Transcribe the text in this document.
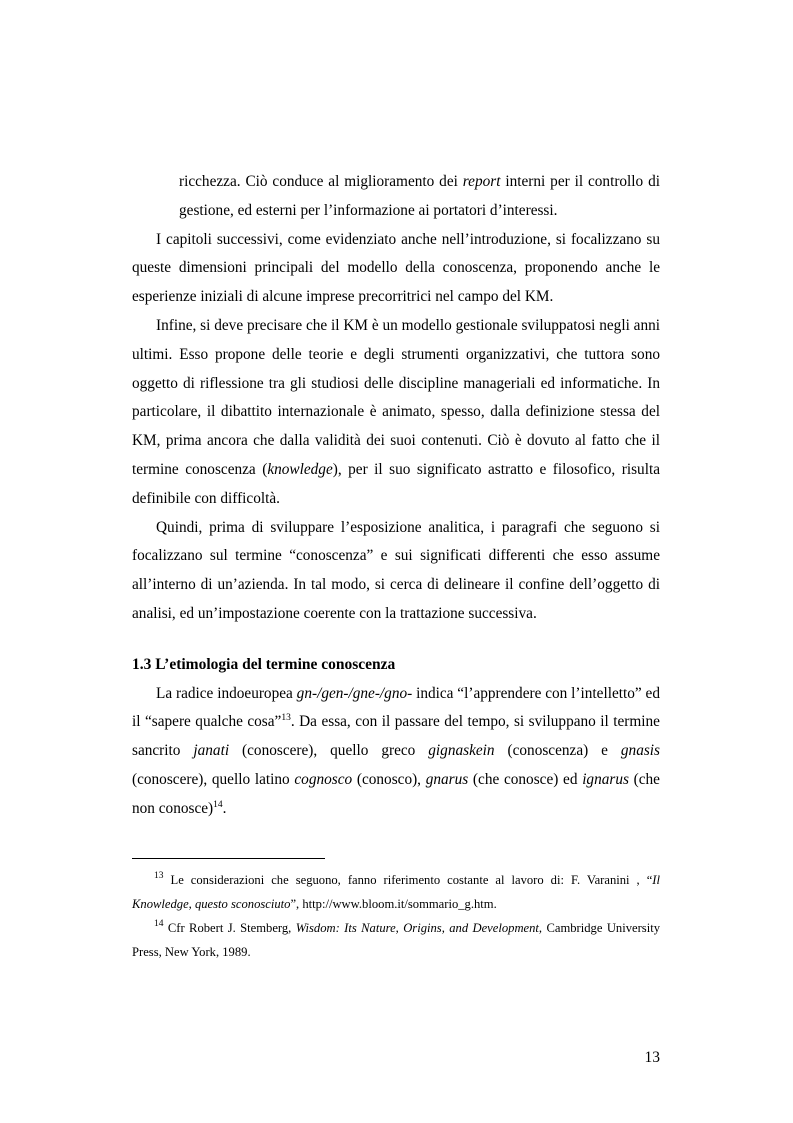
ricchezza. Ciò conduce al miglioramento dei report interni per il controllo di gestione, ed esterni per l’informazione ai portatori d’interessi.

I capitoli successivi, come evidenziato anche nell’introduzione, si focalizzano su queste dimensioni principali del modello della conoscenza, proponendo anche le esperienze iniziali di alcune imprese precorritrici nel campo del KM.

Infine, si deve precisare che il KM è un modello gestionale sviluppatosi negli anni ultimi. Esso propone delle teorie e degli strumenti organizzativi, che tuttora sono oggetto di riflessione tra gli studiosi delle discipline manageriali ed informatiche. In particolare, il dibattito internazionale è animato, spesso, dalla definizione stessa del KM, prima ancora che dalla validità dei suoi contenuti. Ciò è dovuto al fatto che il termine conoscenza (knowledge), per il suo significato astratto e filosofico, risulta definibile con difficoltà.

Quindi, prima di sviluppare l’esposizione analitica, i paragrafi che seguono si focalizzano sul termine “conoscenza” e sui significati differenti che esso assume all’interno di un’azienda. In tal modo, si cerca di delineare il confine dell’oggetto di analisi, ed un’impostazione coerente con la trattazione successiva.

1.3 L’etimologia del termine conoscenza

La radice indoeuropea gn-/gen-/gne-/gno- indica “l’apprendere con l’intelletto” ed il “sapere qualche cosa”$^{13}$. Da essa, con il passare del tempo, si sviluppano il termine sancrito janati (conoscere), quello greco gignaskein (conoscenza) e gnasis (conoscere), quello latino cognosco (conosco), gnarus (che conosce) ed ignarus (che non conosce)$^{14}$.

$^{13}$ Le considerazioni che seguono, fanno riferimento costante al lavoro di: F. Varanini , “Il Knowledge, questo sconosciuto”, http://www.bloom.it/sommario_g.htm.

$^{14}$ Cfr Robert J. Stemberg, Wisdom: Its Nature, Origins, and Development, Cambridge University Press, New York, 1989.

13
